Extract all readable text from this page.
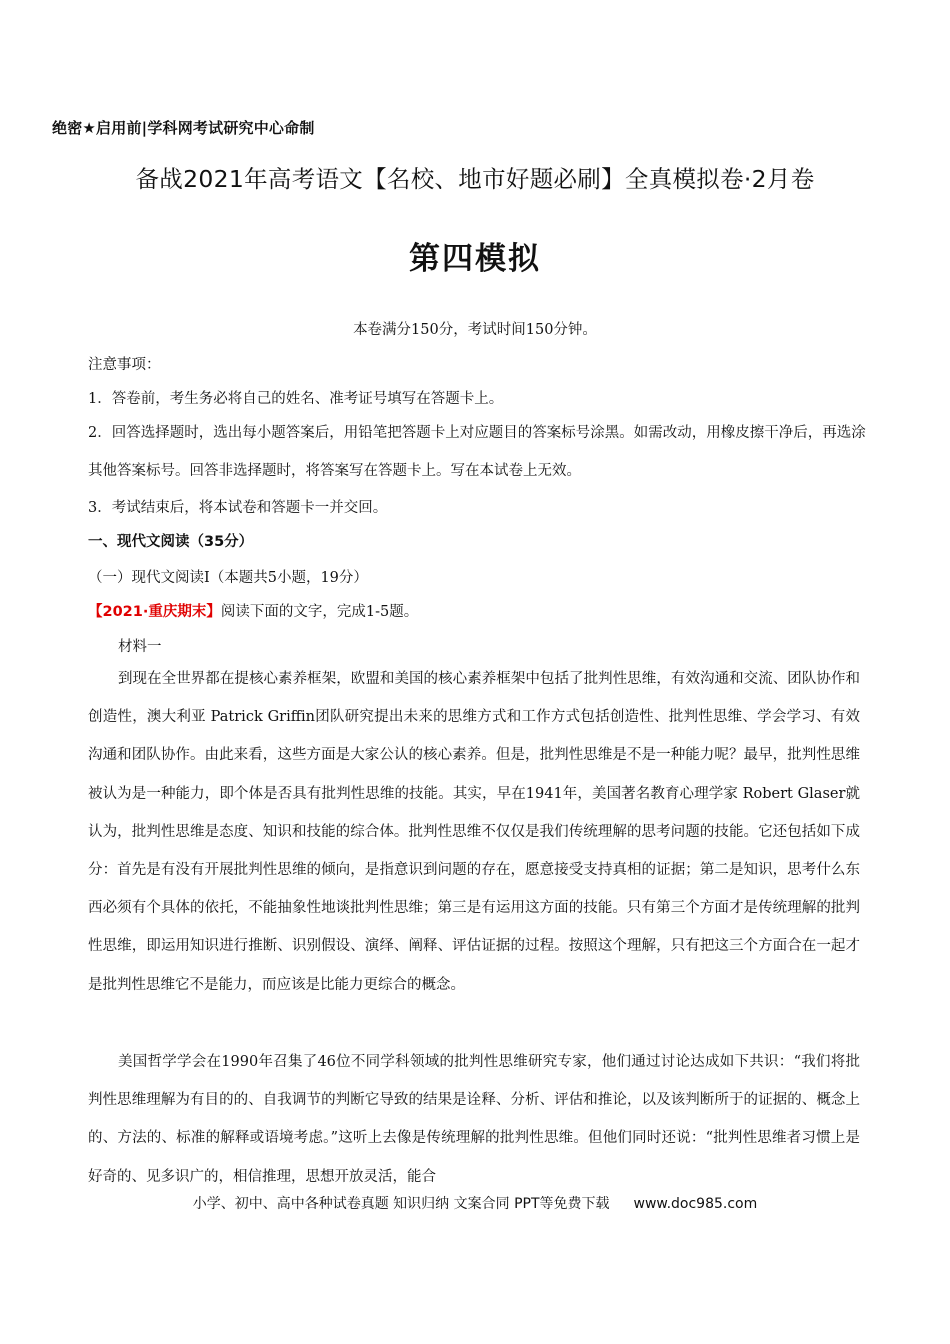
绝密★启用前|学科网考试研究中心命制
备战2021年高考语文【名校、地市好题必刷】全真模拟卷·2月卷
第四模拟
本卷满分150分，考试时间150分钟。
注意事项：
1．答卷前，考生务必将自己的姓名、准考证号填写在答题卡上。
2．回答选择题时，选出每小题答案后，用铅笔把答题卡上对应题目的答案标号涂黑。如需改动，用橡皮擦干净后，再选涂其他答案标号。回答非选择题时，将答案写在答题卡上。写在本试卷上无效。
3．考试结束后，将本试卷和答题卡一并交回。
一、现代文阅读（35分）
（一）现代文阅读Ⅰ（本题共5小题，19分）
【2021·重庆期末】阅读下面的文字，完成1-5题。
材料一

到现在全世界都在提核心素养框架，欧盟和美国的核心素养框架中包括了批判性思维，有效沟通和交流、团队协作和创造性，澳大利亚 Patrick Griffin团队研究提出未来的思维方式和工作方式包括创造性、批判性思维、学会学习、有效沟通和团队协作。由此来看，这些方面是大家公认的核心素养。但是，批判性思维是不是一种能力呢？最早，批判性思维被认为是一种能力，即个体是否具有批判性思维的技能。其实，早在1941年，美国著名教育心理学家 Robert Glaser就认为，批判性思维是态度、知识和技能的综合体。批判性思维不仅仅是我们传统理解的思考问题的技能。它还包括如下成分：首先是有没有开展批判性思维的倾向，是指意识到问题的存在，愿意接受支持真相的证据；第二是知识，思考什么东西必须有个具体的依托，不能抽象性地谈批判性思维；第三是有运用这方面的技能。只有第三个方面才是传统理解的批判性思维，即运用知识进行推断、识别假设、演绎、阐释、评估证据的过程。按照这个理解，只有把这三个方面合在一起才是批判性思维它不是能力，而应该是比能力更综合的概念。

美国哲学学会在1990年召集了46位不同学科领域的批判性思维研究专家，他们通过讨论达成如下共识：“我们将批判性思维理解为有目的的、自我调节的判断它导致的结果是诠释、分析、评估和推论，以及该判断所于的证据的、概念上的、方法的、标准的解释或语境考虑。”这听上去像是传统理解的批判性思维。但他们同时还说：“批判性思维者习惯上是好奇的、见多识广的，相信推理，思想开放灵活，能合

小学、初中、高中各种试卷真题 知识归纳 文案合同 PPT等免费下载 www.doc985.com
